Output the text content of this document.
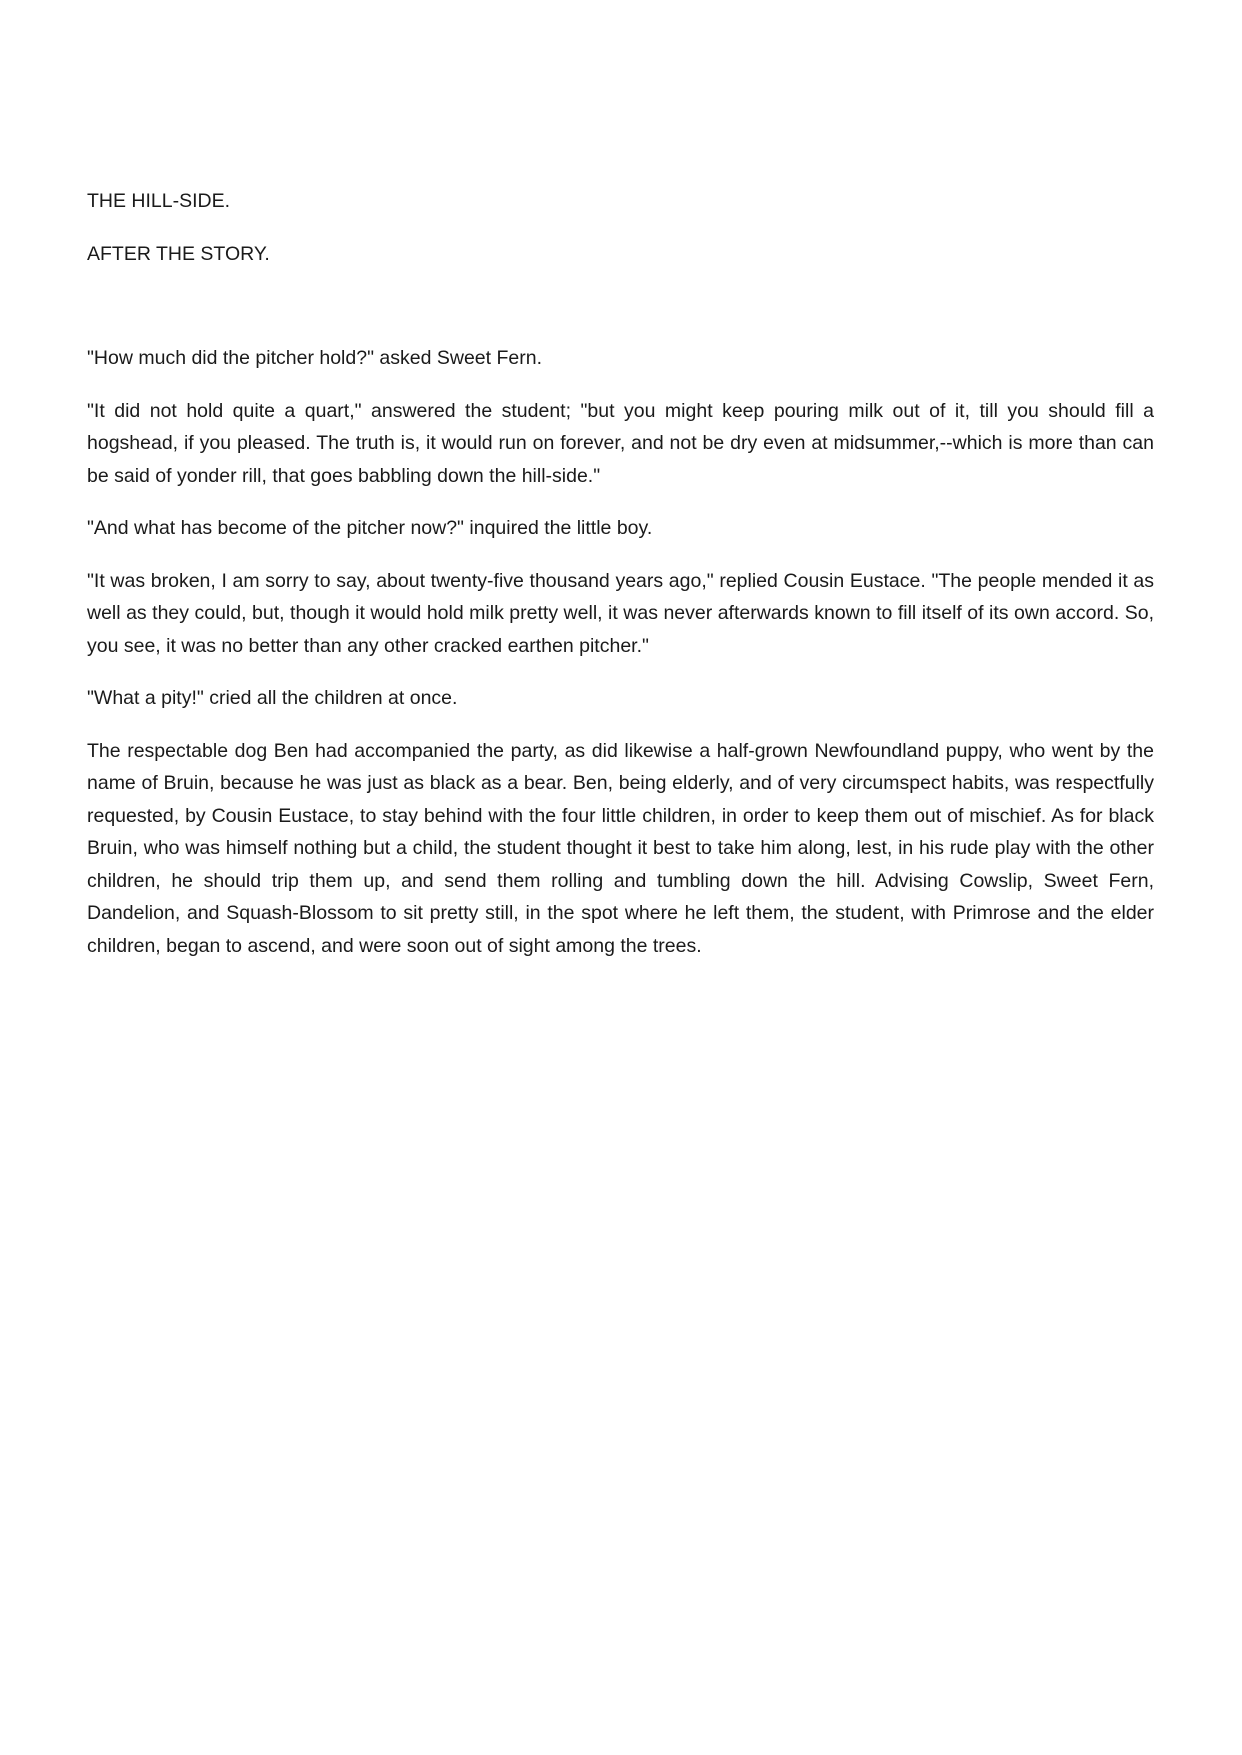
THE HILL-SIDE.

AFTER THE STORY.

"How much did the pitcher hold?" asked Sweet Fern.

"It did not hold quite a quart," answered the student; "but you might keep pouring milk out of it, till you should fill a hogshead, if you pleased. The truth is, it would run on forever, and not be dry even at midsummer,--which is more than can be said of yonder rill, that goes babbling down the hill-side."

"And what has become of the pitcher now?" inquired the little boy.

"It was broken, I am sorry to say, about twenty-five thousand years ago," replied Cousin Eustace. "The people mended it as well as they could, but, though it would hold milk pretty well, it was never afterwards known to fill itself of its own accord. So, you see, it was no better than any other cracked earthen pitcher."

"What a pity!" cried all the children at once.

The respectable dog Ben had accompanied the party, as did likewise a half-grown Newfoundland puppy, who went by the name of Bruin, because he was just as black as a bear. Ben, being elderly, and of very circumspect habits, was respectfully requested, by Cousin Eustace, to stay behind with the four little children, in order to keep them out of mischief. As for black Bruin, who was himself nothing but a child, the student thought it best to take him along, lest, in his rude play with the other children, he should trip them up, and send them rolling and tumbling down the hill. Advising Cowslip, Sweet Fern, Dandelion, and Squash-Blossom to sit pretty still, in the spot where he left them, the student, with Primrose and the elder children, began to ascend, and were soon out of sight among the trees.
